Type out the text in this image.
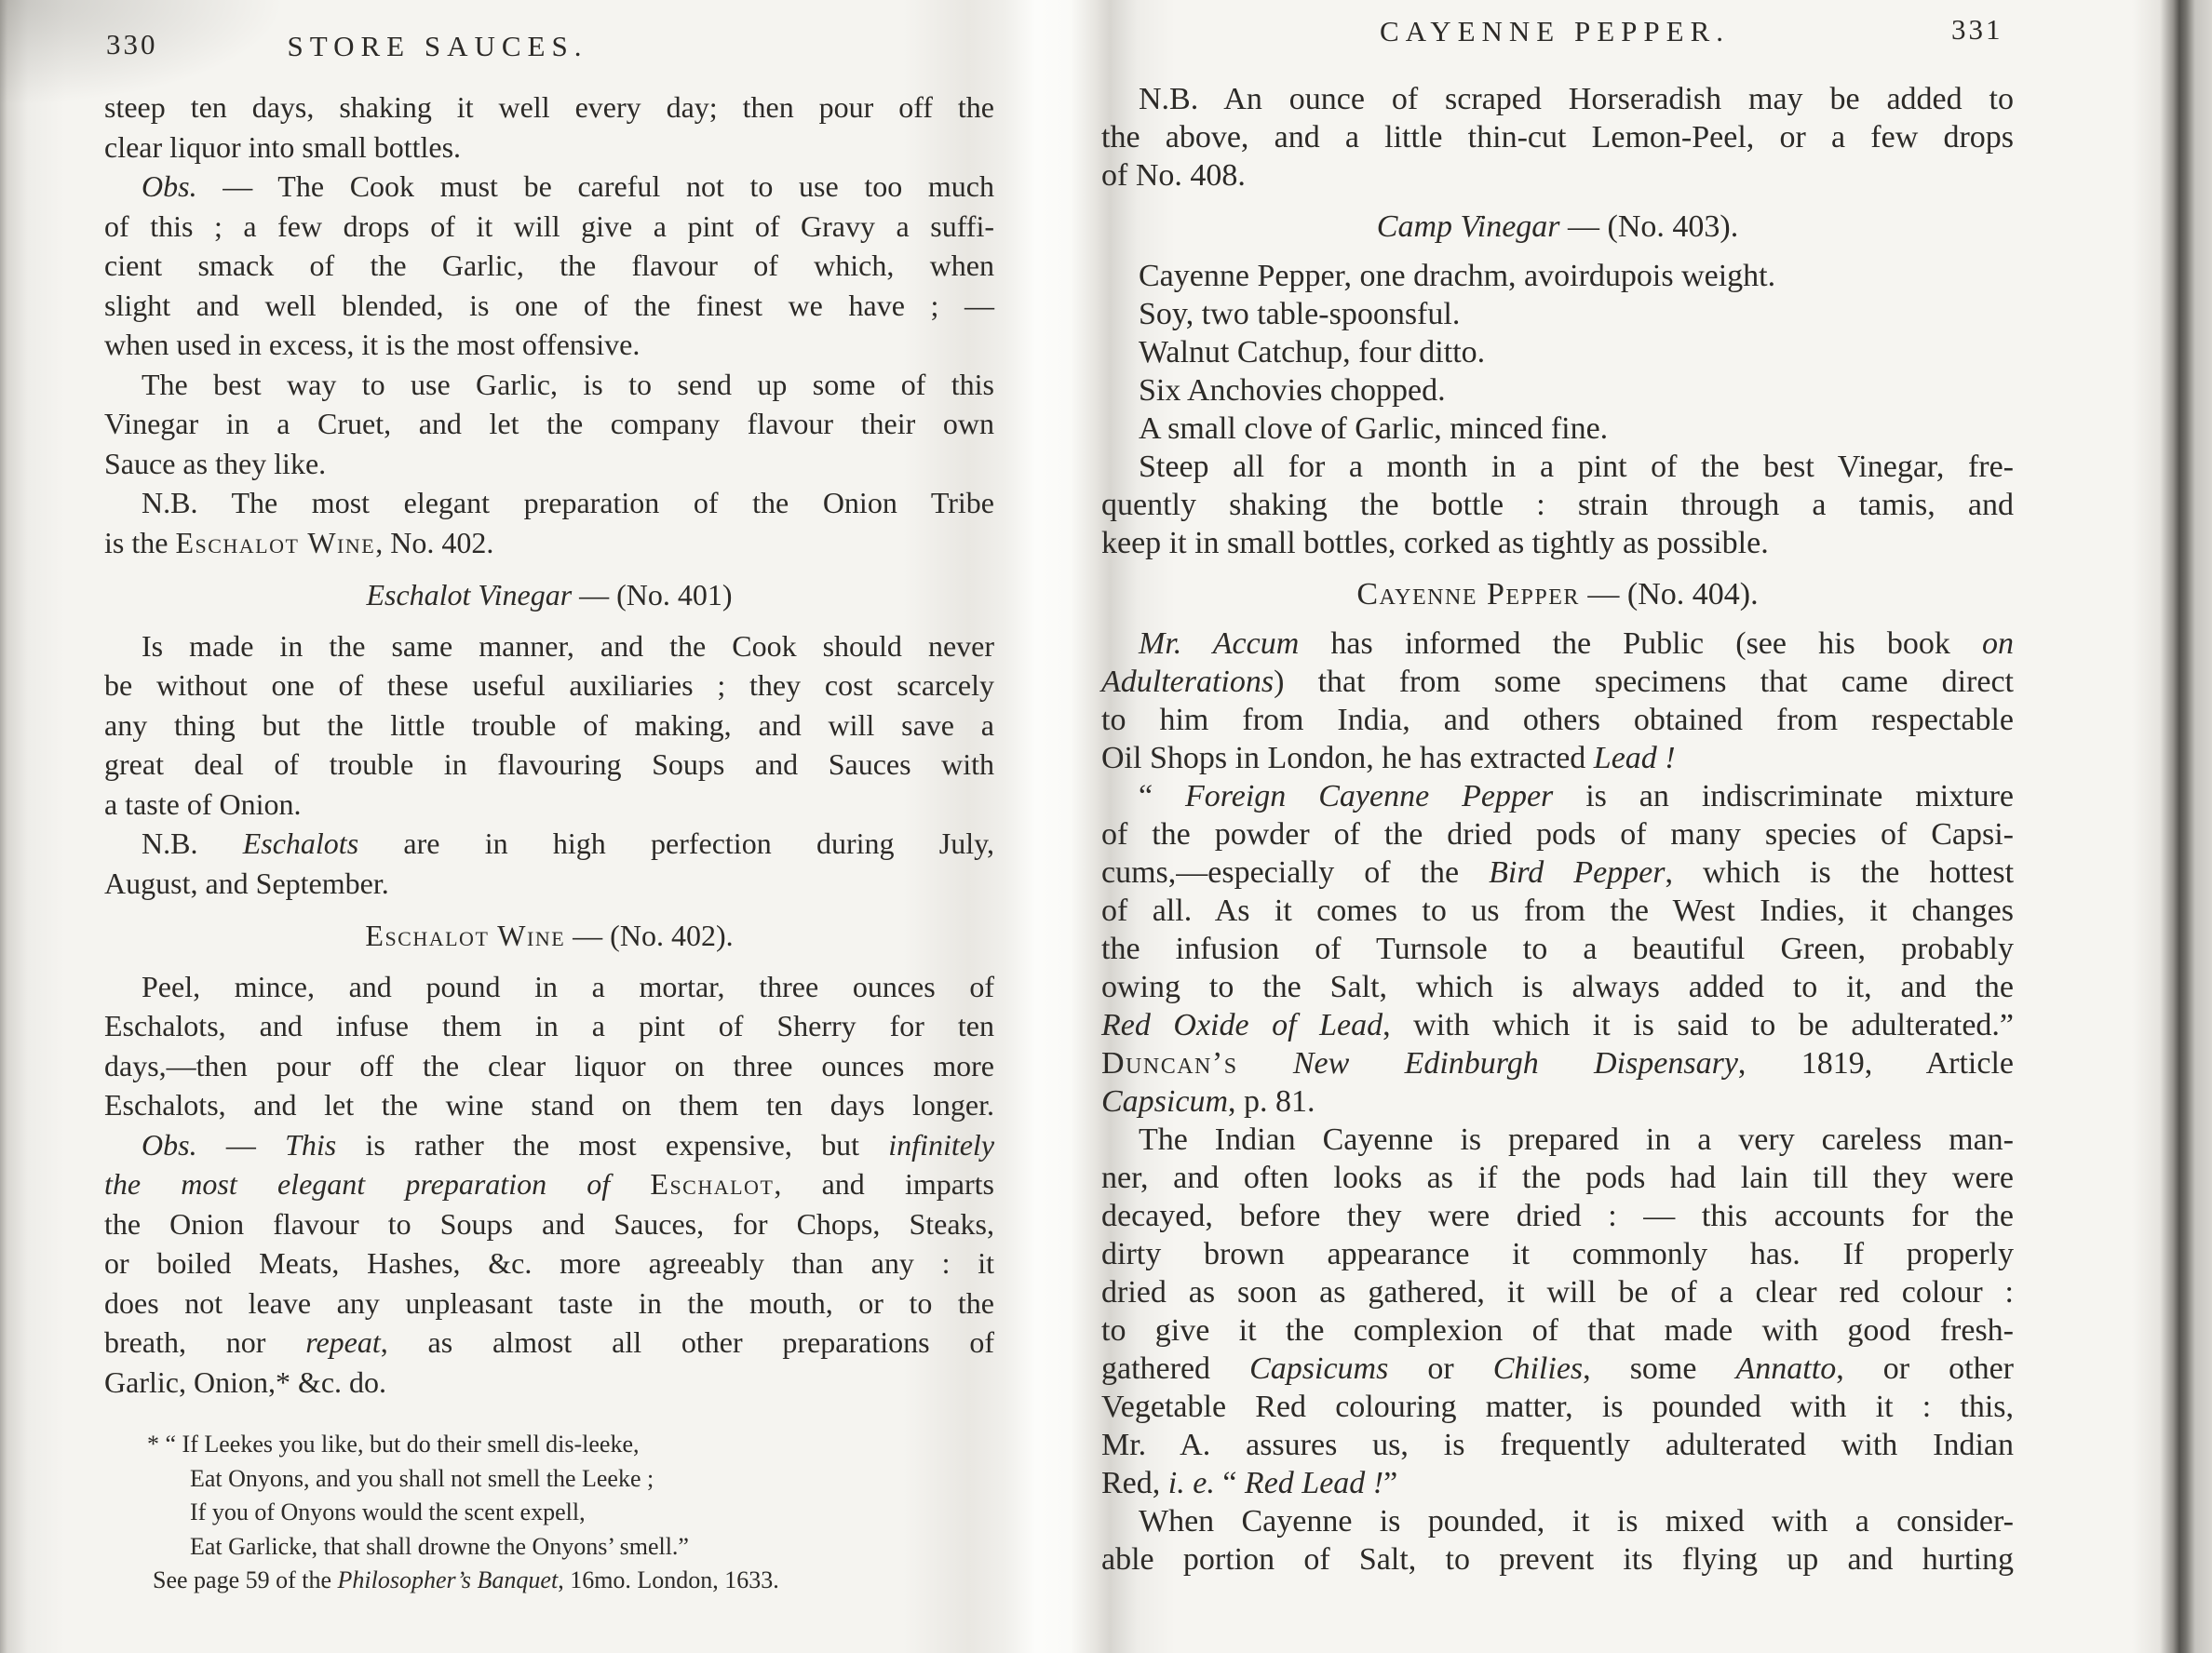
330	STORE SAUCES.
steep ten days, shaking it well every day; then pour off the
clear liquor into small bottles.
Obs. — The Cook must be careful not to use too much
of this ; a few drops of it will give a pint of Gravy a suffi-
cient smack of the Garlic, the flavour of which, when
slight and well blended, is one of the finest we have ; —
when used in excess, it is the most offensive.
The best way to use Garlic, is to send up some of this
Vinegar in a Cruet, and let the company flavour their own
Sauce as they like.
N.B. The most elegant preparation of the Onion Tribe
is the Eschalot Wine, No. 402.
Eschalot Vinegar — (No. 401)
Is made in the same manner, and the Cook should never
be without one of these useful auxiliaries ; they cost scarcely
any thing but the little trouble of making, and will save a
great deal of trouble in flavouring Soups and Sauces with
a taste of Onion.
N.B. Eschalots are in high perfection during July,
August, and September.
Eschalot Wine — (No. 402).
Peel, mince, and pound in a mortar, three ounces of
Eschalots, and infuse them in a pint of Sherry for ten
days,—then pour off the clear liquor on three ounces more
Eschalots, and let the wine stand on them ten days longer.
Obs. — This is rather the most expensive, but infinitely
the most elegant preparation of Eschalot, and imparts
the Onion flavour to Soups and Sauces, for Chops, Steaks,
or boiled Meats, Hashes, &c. more agreeably than any : it
does not leave any unpleasant taste in the mouth, or to the
breath, nor repeat, as almost all other preparations of
Garlic, Onion,* &c. do.
* “ If Leekes you like, but do their smell dis-leeke,
Eat Onyons, and you shall not smell the Leeke ;
If you of Onyons would the scent expell,
Eat Garlicke, that shall drowne the Onyons’ smell.”
See page 59 of the Philosopher’s Banquet, 16mo. London, 1633.
CAYENNE PEPPER.	331
N.B. An ounce of scraped Horseradish may be added to
the above, and a little thin-cut Lemon-Peel, or a few drops
of No. 408.
Camp Vinegar — (No. 403).
Cayenne Pepper, one drachm, avoirdupois weight.
Soy, two table-spoonsful.
Walnut Catchup, four ditto.
Six Anchovies chopped.
A small clove of Garlic, minced fine.
Steep all for a month in a pint of the best Vinegar, fre-
quently shaking the bottle : strain through a tamis, and
keep it in small bottles, corked as tightly as possible.
Cayenne Pepper — (No. 404).
Mr. Accum has informed the Public (see his book on
Adulterations) that from some specimens that came direct
to him from India, and others obtained from respectable
Oil Shops in London, he has extracted Lead !
“ Foreign Cayenne Pepper is an indiscriminate mixture
of the powder of the dried pods of many species of Capsi-
cums,—especially of the Bird Pepper, which is the hottest
of all. As it comes to us from the West Indies, it changes
the infusion of Turnsole to a beautiful Green, probably
owing to the Salt, which is always added to it, and the
Red Oxide of Lead, with which it is said to be adulterated.”
Duncan’s New Edinburgh Dispensary, 1819, Article
Capsicum, p. 81.
The Indian Cayenne is prepared in a very careless man-
ner, and often looks as if the pods had lain till they were
decayed, before they were dried : — this accounts for the
dirty brown appearance it commonly has. If properly
dried as soon as gathered, it will be of a clear red colour :
to give it the complexion of that made with good fresh-
gathered Capsicums or Chilies, some Annatto, or other
Vegetable Red colouring matter, is pounded with it : this,
Mr. A. assures us, is frequently adulterated with Indian
Red, i. e. “ Red Lead !”
When Cayenne is pounded, it is mixed with a consider-
able portion of Salt, to prevent its flying up and hurting
